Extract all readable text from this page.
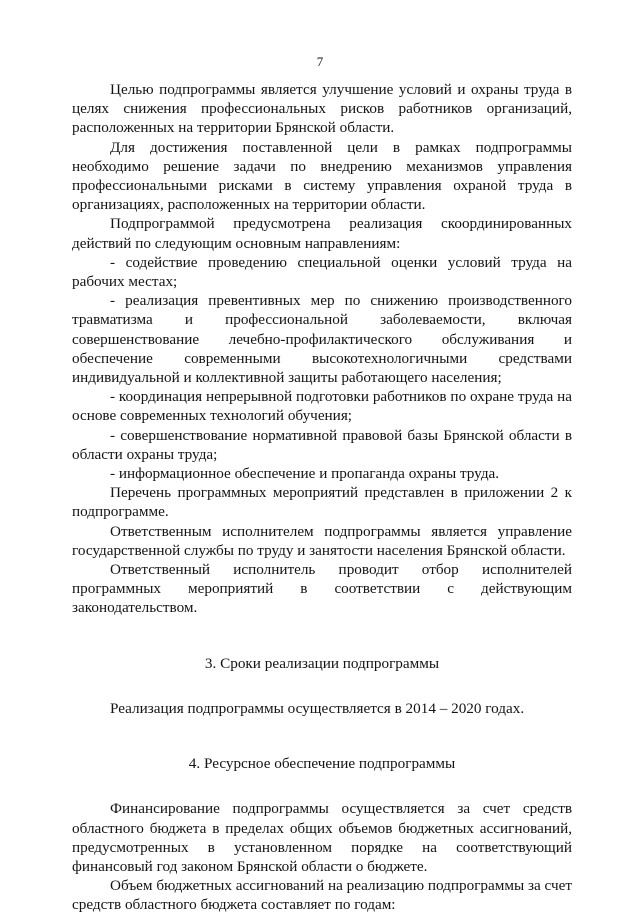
7

Целью подпрограммы является улучшение условий и охраны труда в целях снижения профессиональных рисков работников организаций, расположенных на территории Брянской области.

Для достижения поставленной цели в рамках подпрограммы необходимо решение задачи по внедрению механизмов управления профессиональными рисками в систему управления охраной труда в организациях, расположенных на территории области.

Подпрограммой предусмотрена реализация скоординированных действий по следующим основным направлениям:

- содействие проведению специальной оценки условий труда на рабочих местах;

- реализация превентивных мер по снижению производственного травматизма и профессиональной заболеваемости, включая совершенствование лечебно-профилактического обслуживания и обеспечение современными высокотехнологичными средствами индивидуальной и коллективной защиты работающего населения;

- координация непрерывной подготовки работников по охране труда на основе современных технологий обучения;

- совершенствование нормативной правовой базы Брянской области в области охраны труда;

- информационное обеспечение и пропаганда охраны труда.

Перечень программных мероприятий представлен в приложении 2 к подпрограмме.

Ответственным исполнителем подпрограммы является управление государственной службы по труду и занятости населения Брянской области.

Ответственный исполнитель проводит отбор исполнителей программных мероприятий в соответствии с действующим законодательством.

3. Сроки реализации подпрограммы

Реализация подпрограммы осуществляется в 2014 – 2020 годах.

4. Ресурсное обеспечение подпрограммы

Финансирование подпрограммы осуществляется за счет средств областного бюджета в пределах общих объемов бюджетных ассигнований, предусмотренных в установленном порядке на соответствующий финансовый год законом Брянской области о бюджете.

Объем бюджетных ассигнований на реализацию подпрограммы за счет средств областного бюджета составляет по годам:
